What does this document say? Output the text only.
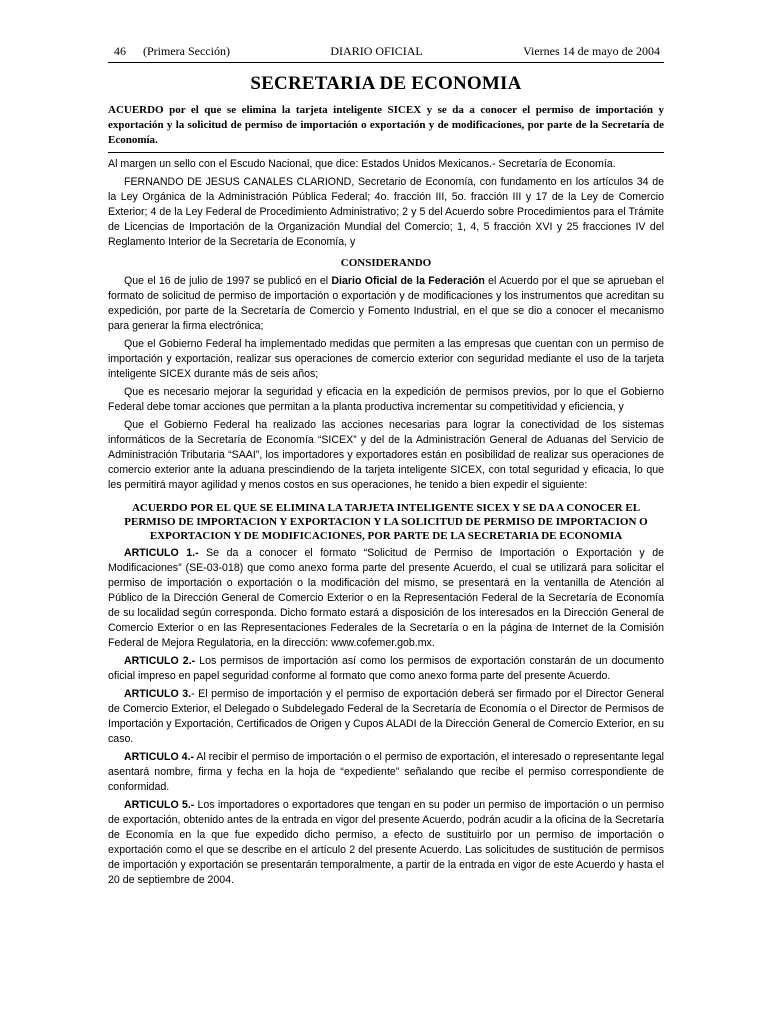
46 (Primera Sección)	DIARIO OFICIAL	Viernes 14 de mayo de 2004
SECRETARIA DE ECONOMIA
ACUERDO por el que se elimina la tarjeta inteligente SICEX y se da a conocer el permiso de importación y exportación y la solicitud de permiso de importación o exportación y de modificaciones, por parte de la Secretaría de Economía.

Al margen un sello con el Escudo Nacional, que dice: Estados Unidos Mexicanos.- Secretaría de Economía.

FERNANDO DE JESUS CANALES CLARIOND, Secretario de Economía, con fundamento en los artículos 34 de la Ley Orgánica de la Administración Pública Federal; 4o. fracción III, 5o. fracción III y 17 de la Ley de Comercio Exterior; 4 de la Ley Federal de Procedimiento Administrativo; 2 y 5 del Acuerdo sobre Procedimientos para el Trámite de Licencias de Importación de la Organización Mundial del Comercio; 1, 4, 5 fracción XVI y 25 fracciones IV del Reglamento Interior de la Secretaría de Economía, y

CONSIDERANDO

Que el 16 de julio de 1997 se publicó en el Diario Oficial de la Federación el Acuerdo por el que se aprueban el formato de solicitud de permiso de importación o exportación y de modificaciones y los instrumentos que acreditan su expedición, por parte de la Secretaría de Comercio y Fomento Industrial, en el que se dio a conocer el mecanismo para generar la firma electrónica;

Que el Gobierno Federal ha implementado medidas que permiten a las empresas que cuentan con un permiso de importación y exportación, realizar sus operaciones de comercio exterior con seguridad mediante el uso de la tarjeta inteligente SICEX durante más de seis años;

Que es necesario mejorar la seguridad y eficacia en la expedición de permisos previos, por lo que el Gobierno Federal debe tomar acciones que permitan a la planta productiva incrementar su competitividad y eficiencia, y

Que el Gobierno Federal ha realizado las acciones necesarias para lograr la conectividad de los sistemas informáticos de la Secretaría de Economía “SICEX” y del de la Administración General de Aduanas del Servicio de Administración Tributaria “SAAI”, los importadores y exportadores están en posibilidad de realizar sus operaciones de comercio exterior ante la aduana prescindiendo de la tarjeta inteligente SICEX, con total seguridad y eficacia, lo que les permitirá mayor agilidad y menos costos en sus operaciones, he tenido a bien expedir el siguiente:

ACUERDO POR EL QUE SE ELIMINA LA TARJETA INTELIGENTE SICEX Y SE DA A CONOCER EL PERMISO DE IMPORTACION Y EXPORTACION Y LA SOLICITUD DE PERMISO DE IMPORTACION O EXPORTACION Y DE MODIFICACIONES, POR PARTE DE LA SECRETARIA DE ECONOMIA

ARTICULO 1.- Se da a conocer el formato “Solicitud de Permiso de Importación o Exportación y de Modificaciones” (SE-03-018) que como anexo forma parte del presente Acuerdo, el cual se utilizará para solicitar el permiso de importación o exportación o la modificación del mismo, se presentará en la ventanilla de Atención al Público de la Dirección General de Comercio Exterior o en la Representación Federal de la Secretaría de Economía de su localidad según corresponda. Dicho formato estará a disposición de los interesados en la Dirección General de Comercio Exterior o en las Representaciones Federales de la Secretaría o en la página de Internet de la Comisión Federal de Mejora Regulatoria, en la dirección: www.cofemer.gob.mx.

ARTICULO 2.- Los permisos de importación así como los permisos de exportación constarán de un documento oficial impreso en papel seguridad conforme al formato que como anexo forma parte del presente Acuerdo.

ARTICULO 3.- El permiso de importación y el permiso de exportación deberá ser firmado por el Director General de Comercio Exterior, el Delegado o Subdelegado Federal de la Secretaría de Economía o el Director de Permisos de Importación y Exportación, Certificados de Origen y Cupos ALADI de la Dirección General de Comercio Exterior, en su caso.

ARTICULO 4.- Al recibir el permiso de importación o el permiso de exportación, el interesado o representante legal asentará nombre, firma y fecha en la hoja de “expediente” señalando que recibe el permiso correspondiente de conformidad.

ARTICULO 5.- Los importadores o exportadores que tengan en su poder un permiso de importación o un permiso de exportación, obtenido antes de la entrada en vigor del presente Acuerdo, podrán acudir a la oficina de la Secretaría de Economía en la que fue expedido dicho permiso, a efecto de sustituirlo por un permiso de importación o exportación como el que se describe en el artículo 2 del presente Acuerdo. Las solicitudes de sustitución de permisos de importación y exportación se presentarán temporalmente, a partir de la entrada en vigor de este Acuerdo y hasta el 20 de septiembre de 2004.
